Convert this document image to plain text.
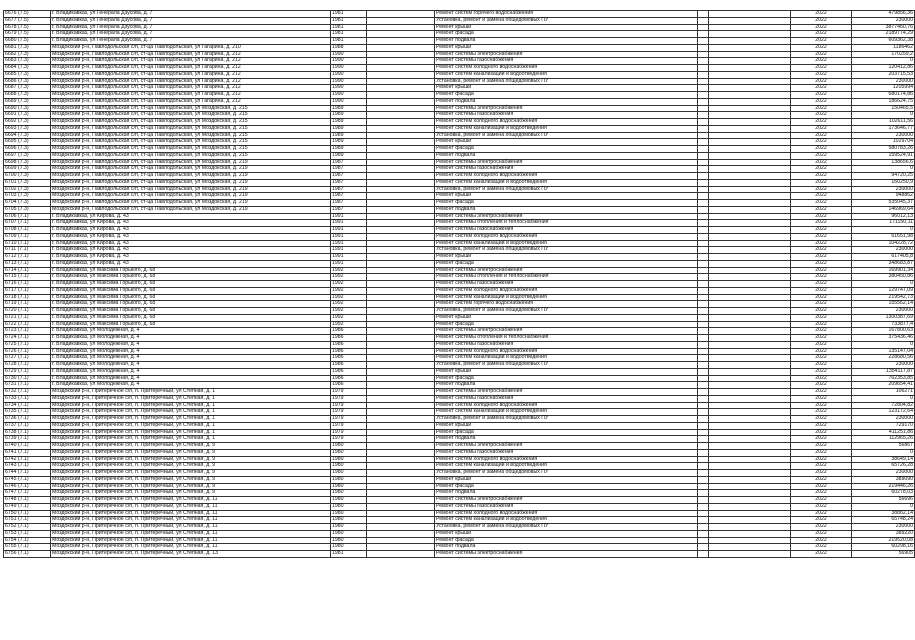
6676 (7.5)	г. Владикавказ, ул Генерала Дзусова, д. 7	1981		Ремонт систем горячего водоснабжения			2022	479856,36
6677 (7.5)	г. Владикавказ, ул Генерала Дзусова, д. 7	1981		Установка, ремонт и замена общедомовых ПУ			2022	230000
6678 (7.5)	г. Владикавказ, ул Генерала Дзусова, д. 7	1981		Ремонт крыши			2022	3877460,76
6679 (7.5)	г. Владикавказ, ул Генерала Дзусова, д. 7	1981		Ремонт фасада			2022	2189774,29
6680 (7.5)	г. Владикавказ, ул Генерала Дзусова, д. 7	1981		Ремонт подвала			2022	609362,38
6681 (7.3)	Моздокский р-н, Павлодольская с/п, ст-ца Павлодольская, ул Гагарина, д. 210	1988		Ремонт крыши			2022	1186462
6682 (7.3)	Моздокский р-н, Павлодольская с/п, ст-ца Павлодольская, ул Гагарина, д. 212	1990		Ремонт системы электроснабжения			2022	170259,2
6683 (7.3)	Моздокский р-н, Павлодольская с/п, ст-ца Павлодольская, ул Гагарина, д. 212	1990		Ремонт системы газоснабжения			2022	0
6684 (7.3)	Моздокский р-н, Павлодольская с/п, ст-ца Павлодольская, ул Гагарина, д. 212	1990		Ремонт систем холодного водоснабжения			2022	120412,86
6685 (7.3)	Моздокский р-н, Павлодольская с/п, ст-ца Павлодольская, ул Гагарина, д. 212	1990		Ремонт систем канализации и водоотведения			2022	203715,53
6686 (7.3)	Моздокский р-н, Павлодольская с/п, ст-ца Павлодольская, ул Гагарина, д. 212	1990		Установка, ремонт и замена общедомовых ПУ			2022	230000
6687 (7.3)	Моздокский р-н, Павлодольская с/п, ст-ца Павлодольская, ул Гагарина, д. 212	1990		Ремонт крыши			2022	1205994
6688 (7.3)	Моздокский р-н, Павлодольская с/п, ст-ца Павлодольская, ул Гагарина, д. 212	1990		Ремонт фасада			2022	680174,86
6689 (7.3)	Моздокский р-н, Павлодольская с/п, ст-ца Павлодольская, ул Гагарина, д. 212	1990		Ремонт подвала			2022	186624,75
6690 (7.3)	Моздокский р-н, Павлодольская с/п, ст-ца Павлодольская, ул Моздокская, д. 215	1989		Ремонт системы электроснабжения			2022	150465,5
6691 (7.3)	Моздокский р-н, Павлодольская с/п, ст-ца Павлодольская, ул Моздокская, д. 215	1989		Ремонт системы газоснабжения			2022	0
6692 (7.3)	Моздокский р-н, Павлодольская с/п, ст-ца Павлодольская, ул Моздокская, д. 215	1989		Ремонт систем холодного водоснабжения			2022	102611,56
6693 (7.3)	Моздокский р-н, Павлодольская с/п, ст-ца Павлодольская, ул Моздокская, д. 215	1989		Ремонт систем канализации и водоотведения			2022	173646,77
6694 (7.3)	Моздокский р-н, Павлодольская с/п, ст-ца Павлодольская, ул Моздокская, д. 215	1989		Установка, ремонт и замена общедомовых ПУ			2022	230000
6695 (7.3)	Моздокский р-н, Павлодольская с/п, ст-ца Павлодольская, ул Моздокская, д. 215	1989		Ремонт крыши			2022	1029704
6696 (7.3)	Моздокский р-н, Павлодольская с/п, ст-ца Павлодольская, ул Моздокская, д. 215	1989		Ремонт фасада			2022	580783,26
6697 (7.3)	Моздокский р-н, Павлодольская с/п, ст-ца Павлодольская, ул Моздокская, д. 215	1989		Ремонт подвала			2022	159524,91
6698 (7.3)	Моздокский р-н, Павлодольская с/п, ст-ца Павлодольская, ул Моздокская, д. 219	1987		Ремонт системы электроснабжения			2022	138656,6
6699 (7.3)	Моздокский р-н, Павлодольская с/п, ст-ца Павлодольская, ул Моздокская, д. 219	1987		Ремонт системы газоснабжения			2022	0
6700 (7.3)	Моздокский р-н, Павлодольская с/п, ст-ца Павлодольская, ул Моздокская, д. 219	1987		Ремонт систем холодного водоснабжения			2022	94720,25
6701 (7.3)	Моздокский р-н, Павлодольская с/п, ст-ца Павлодольская, ул Моздокская, д. 219	1987		Ремонт систем канализации и водоотведения			2022	160250,9
6702 (7.3)	Моздокский р-н, Павлодольская с/п, ст-ца Павлодольская, ул Моздокская, д. 219	1987		Установка, ремонт и замена общедомовых ПУ			2022	230000
6703 (7.3)	Моздокский р-н, Павлодольская с/п, ст-ца Павлодольская, ул Моздокская, д. 219	1987		Ремонт крыши			2022	948862
6704 (7.3)	Моздокский р-н, Павлодольская с/п, ст-ца Павлодольская, ул Моздокская, д. 219	1987		Ремонт фасада			2022	535045,37
6705 (7.3)	Моздокский р-н, Павлодольская с/п, ст-ца Павлодольская, ул Моздокская, д. 219	1987		Ремонт подвала			2022	146969,64
6706 (7.1)	г. Владикавказ, ул Кирова, д. 43	1991		Ремонт системы электроснабжения			2022	96012,13
6707 (7.1)	г. Владикавказ, ул Кирова, д. 43	1991		Ремонт системы отопления и теплоснабжения			2022	171150,11
6708 (7.1)	г. Владикавказ, ул Кирова, д. 43	1991		Ремонт системы газоснабжения			2022	0
6709 (7.1)	г. Владикавказ, ул Кирова, д. 43	1991		Ремонт систем холодного водоснабжения			2022	61651,98
6710 (7.1)	г. Владикавказ, ул Кирова, д. 43	1991		Ремонт систем канализации и водоотведения			2022	104228,72
6711 (7.1)	г. Владикавказ, ул Кирова, д. 43	1991		Установка, ремонт и замена общедомовых ПУ			2022	230000
6712 (7.1)	г. Владикавказ, ул Кирова, д. 43	1991		Ремонт крыши			2022	617405,8
6713 (7.1)	г. Владикавказ, ул Кирова, д. 43	1991		Ремонт фасада			2022	348683,87
6714 (7.1)	г. Владикавказ, ул Максима Горького, д. 68	1992		Ремонт системы электроснабжения			2022	169901,34
6715 (7.1)	г. Владикавказ, ул Максима Горького, д. 68	1992		Ремонт системы отопления и теплоснабжения			2022	380450,86
6716 (7.1)	г. Владикавказ, ул Максима Горького, д. 68	1992		Ремонт системы газоснабжения			2022	0
6717 (7.1)	г. Владикавказ, ул Максима Горького, д. 68	1992		Ремонт систем холодного водоснабжения			2022	129747,09
6718 (7.1)	г. Владикавказ, ул Максима Горького, д. 68	1992		Ремонт систем канализации и водоотведения			2022	219542,73
6719 (7.1)	г. Владикавказ, ул Максима Горького, д. 68	1992		Ремонт систем горячего водоснабжения			2022	155562,14
6720 (7.1)	г. Владикавказ, ул Максима Горького, д. 68	1992		Установка, ремонт и замена общедомовых ПУ			2022	230000
6721 (7.1)	г. Владикавказ, ул Максима Горького, д. 68	1992		Ремонт крыши			2022	1300387,69
6722 (7.1)	г. Владикавказ, ул Максима Горького, д. 68	1992		Ремонт фасада			2022	733877,4
6723 (7.1)	г. Владикавказ, ул Молодежная, д. 4	1986		Ремонт системы электроснабжения			2022	167800,63
6724 (7.1)	г. Владикавказ, ул Молодежная, д. 4	1986		Ремонт системы отопления и теплоснабжения			2022	375436,46
6725 (7.1)	г. Владикавказ, ул Молодежная, д. 4	1986		Ремонт системы газоснабжения			2022	0
6726 (7.1)	г. Владикавказ, ул Молодежная, д. 4	1986		Ремонт систем холодного водоснабжения			2022	135147,04
6727 (7.1)	г. Владикавказ, ул Молодежная, д. 4	1986		Ремонт систем канализации и водоотведения			2022	228680,56
6728 (7.1)	г. Владикавказ, ул Молодежная, д. 4	1986		Установка, ремонт и замена общедомовых ПУ			2022	230000
6729 (7.1)	г. Владикавказ, ул Молодежная, д. 4	1986		Ремонт крыши			2022	1354117,87
6730 (7.1)	г. Владикавказ, ул Молодежная, д. 4	1986		Ремонт фасада			2022	762353,85
6731 (7.1)	г. Владикавказ, ул Молодежная, д. 4	1986		Ремонт подвала			2022	209654,41
6732 (7.1)	Моздокский р-н, Притеречное с/п, п. Притеречный, ул Степная, д. 1	1979		Ремонт системы электроснабжения			2022	106271
6733 (7.1)	Моздокский р-н, Притеречное с/п, п. Притеречный, ул Степная, д. 1	1979		Ремонт системы газоснабжения			2022	0
6734 (7.1)	Моздокский р-н, Притеречное с/п, п. Притеречный, ул Степная, д. 1	1979		Ремонт систем холодного водоснабжения			2022	72804,82
6735 (7.1)	Моздокский р-н, Притеречное с/п, п. Притеречный, ул Степная, д. 1	1979		Ремонт систем канализации и водоотведения			2022	123172,64
6736 (7.1)	Моздокский р-н, Притеречное с/п, п. Притеречный, ул Степная, д. 1	1979		Установка, ремонт и замена общедомовых ПУ			2022	230000
6737 (7.1)	Моздокский р-н, Притеречное с/п, п. Притеречный, ул Степная, д. 1	1979		Ремонт крыши			2022	729170
6738 (7.1)	Моздокский р-н, Притеречное с/п, п. Притеречный, ул Степная, д. 1	1979		Ремонт фасада			2022	411251,86
6739 (7.1)	Моздокский р-н, Притеречное с/п, п. Притеречный, ул Степная, д. 1	1979		Ремонт подвала			2022	112965,26
6740 (7.1)	Моздокский р-н, Притеречное с/п, п. Притеречный, ул Степная, д. 9	1980		Ремонт системы электроснабжения			2022	56867
6741 (7.1)	Моздокский р-н, Притеречное с/п, п. Притеречный, ул Степная, д. 9	1980		Ремонт системы газоснабжения			2022	0
6742 (7.1)	Моздокский р-н, Притеречное с/п, п. Притеречный, ул Степная, д. 9	1980		Ремонт систем холодного водоснабжения			2022	38649,14
6743 (7.1)	Моздокский р-н, Притеречное с/п, п. Притеречный, ул Степная, д. 9	1980		Ремонт систем канализации и водоотведения			2022	65726,28
6744 (7.1)	Моздокский р-н, Притеречное с/п, п. Притеречный, ул Степная, д. 9	1980		Установка, ремонт и замена общедомовых ПУ			2022	230000
6745 (7.1)	Моздокский р-н, Притеречное с/п, п. Притеречный, ул Степная, д. 9	1980		Ремонт крыши			2022	389090
6746 (7.1)	Моздокский р-н, Притеречное с/п, п. Притеречный, ул Степная, д. 9	1980		Ремонт фасада			2022	219446,26
6747 (7.1)	Моздокский р-н, Притеречное с/п, п. Притеречный, ул Степная, д. 9	1980		Ремонт подвала			2022	60278,03
6748 (7.1)	Моздокский р-н, Притеречное с/п, п. Притеречный, ул Степная, д. 11	1980		Ремонт системы электроснабжения			2022	56696
6749 (7.1)	Моздокский р-н, Притеречное с/п, п. Притеречный, ул Степная, д. 11	1980		Ремонт системы газоснабжения			2022	0
6750 (7.1)	Моздокский р-н, Притеречное с/п, п. Притеречный, ул Степная, д. 11	1980		Ремонт систем холодного водоснабжения			2022	38882,14
6751 (7.1)	Моздокский р-н, Притеречное с/п, п. Притеречный, ул Степная, д. 11	1980		Ремонт систем канализации и водоотведения			2022	65748,24
6752 (7.1)	Моздокский р-н, Притеречное с/п, п. Притеречный, ул Степная, д. 11	1980		Установка, ремонт и замена общедомовых ПУ			2022	230000
6753 (7.1)	Моздокский р-н, Притеречное с/п, п. Притеречный, ул Степная, д. 11	1980		Ремонт крыши			2022	389220
6754 (7.1)	Моздокский р-н, Притеречное с/п, п. Притеречный, ул Степная, д. 11	1980		Ремонт фасада			2022	219520,08
6755 (7.1)	Моздокский р-н, Притеречное с/п, п. Притеречный, ул Степная, д. 11	1980		Ремонт подвала			2022	60298,16
6756 (7.1)	Моздокский р-н, Притеречное с/п, п. Притеречный, ул Степная, д. 13	1981		Ремонт системы электроснабжения			2022	56905
